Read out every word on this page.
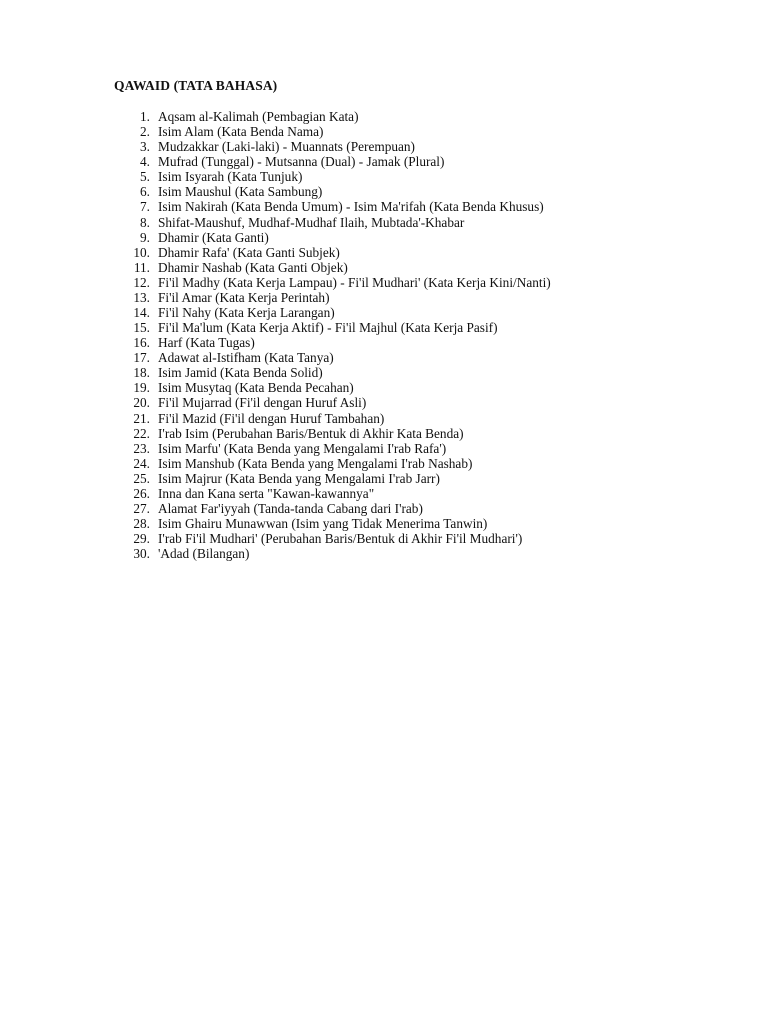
QAWAID (TATA BAHASA)
1. Aqsam al-Kalimah (Pembagian Kata)
2. Isim Alam (Kata Benda Nama)
3. Mudzakkar (Laki-laki) - Muannats (Perempuan)
4. Mufrad (Tunggal) - Mutsanna (Dual) - Jamak (Plural)
5. Isim Isyarah (Kata Tunjuk)
6. Isim Maushul (Kata Sambung)
7. Isim Nakirah (Kata Benda Umum) - Isim Ma'rifah (Kata Benda Khusus)
8. Shifat-Maushuf, Mudhaf-Mudhaf Ilaih, Mubtada'-Khabar
9. Dhamir (Kata Ganti)
10. Dhamir Rafa' (Kata Ganti Subjek)
11. Dhamir Nashab (Kata Ganti Objek)
12. Fi'il Madhy (Kata Kerja Lampau) - Fi'il Mudhari' (Kata Kerja Kini/Nanti)
13. Fi'il Amar (Kata Kerja Perintah)
14. Fi'il Nahy (Kata Kerja Larangan)
15. Fi'il Ma'lum (Kata Kerja Aktif) - Fi'il Majhul (Kata Kerja Pasif)
16. Harf (Kata Tugas)
17. Adawat al-Istifham (Kata Tanya)
18. Isim Jamid (Kata Benda Solid)
19. Isim Musytaq (Kata Benda Pecahan)
20. Fi'il Mujarrad (Fi'il dengan Huruf Asli)
21. Fi'il Mazid (Fi'il dengan Huruf Tambahan)
22. I'rab Isim (Perubahan Baris/Bentuk di Akhir Kata Benda)
23. Isim Marfu' (Kata Benda yang Mengalami I'rab Rafa')
24. Isim Manshub (Kata Benda yang Mengalami I'rab Nashab)
25. Isim Majrur (Kata Benda yang Mengalami I'rab Jarr)
26. Inna dan Kana serta "Kawan-kawannya"
27. Alamat Far'iyyah (Tanda-tanda Cabang dari I'rab)
28. Isim Ghairu Munawwan (Isim yang Tidak Menerima Tanwin)
29. I'rab Fi'il Mudhari' (Perubahan Baris/Bentuk di Akhir Fi'il Mudhari')
30. 'Adad (Bilangan)
